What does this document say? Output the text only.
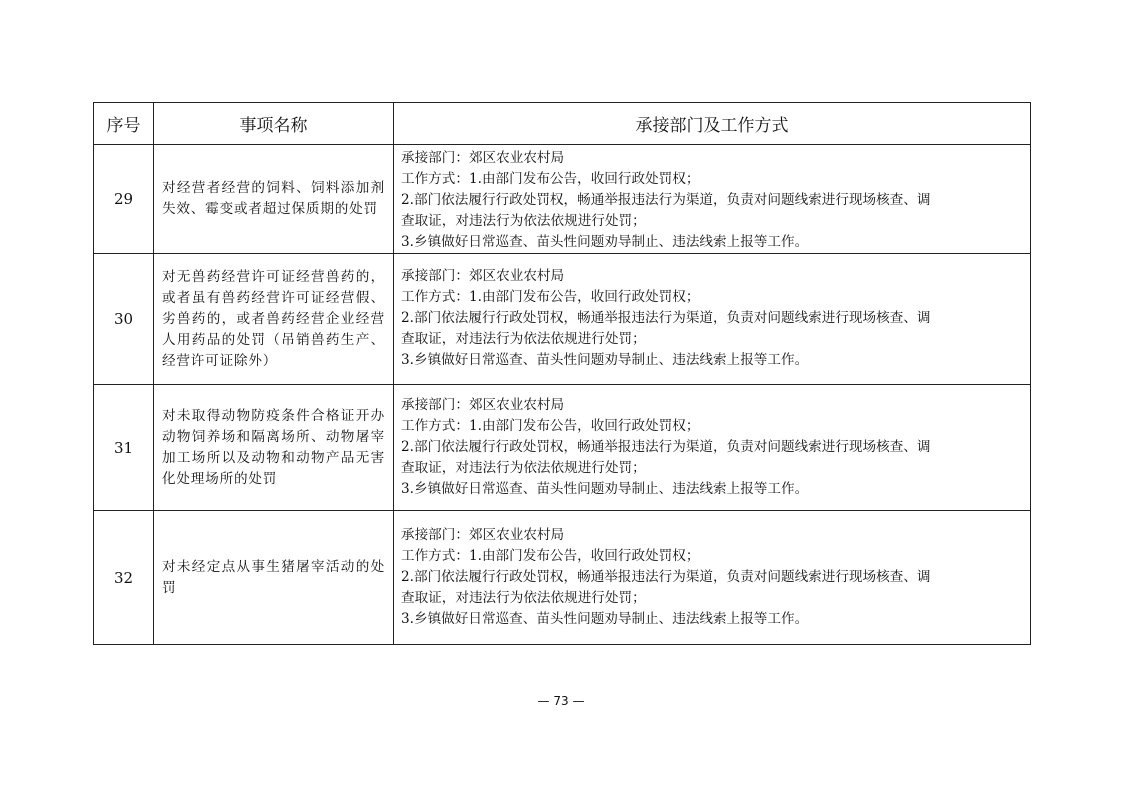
序号	事项名称	承接部门及工作方式
29	对经营者经营的饲料、饲料添加剂失效、霉变或者超过保质期的处罚	承接部门：郊区农业农村局
工作方式：1.由部门发布公告，收回行政处罚权；
2.部门依法履行行政处罚权，畅通举报违法行为渠道，负责对问题线索进行现场核查、调
查取证，对违法行为依法依规进行处罚；
3.乡镇做好日常巡查、苗头性问题劝导制止、违法线索上报等工作。

30	对无兽药经营许可证经营兽药的，或者虽有兽药经营许可证经营假、劣兽药的，或者兽药经营企业经营人用药品的处罚（吊销兽药生产、经营许可证除外）	承接部门：郊区农业农村局
工作方式：1.由部门发布公告，收回行政处罚权；
2.部门依法履行行政处罚权，畅通举报违法行为渠道，负责对问题线索进行现场核查、调
查取证，对违法行为依法依规进行处罚；
3.乡镇做好日常巡查、苗头性问题劝导制止、违法线索上报等工作。

31	对未取得动物防疫条件合格证开办动物饲养场和隔离场所、动物屠宰加工场所以及动物和动物产品无害化处理场所的处罚	承接部门：郊区农业农村局
工作方式：1.由部门发布公告，收回行政处罚权；
2.部门依法履行行政处罚权，畅通举报违法行为渠道，负责对问题线索进行现场核查、调
查取证，对违法行为依法依规进行处罚；
3.乡镇做好日常巡查、苗头性问题劝导制止、违法线索上报等工作。

32	对未经定点从事生猪屠宰活动的处罚	承接部门：郊区农业农村局
工作方式：1.由部门发布公告，收回行政处罚权；
2.部门依法履行行政处罚权，畅通举报违法行为渠道，负责对问题线索进行现场核查、调
查取证，对违法行为依法依规进行处罚；
3.乡镇做好日常巡查、苗头性问题劝导制止、违法线索上报等工作。
— 73 —
